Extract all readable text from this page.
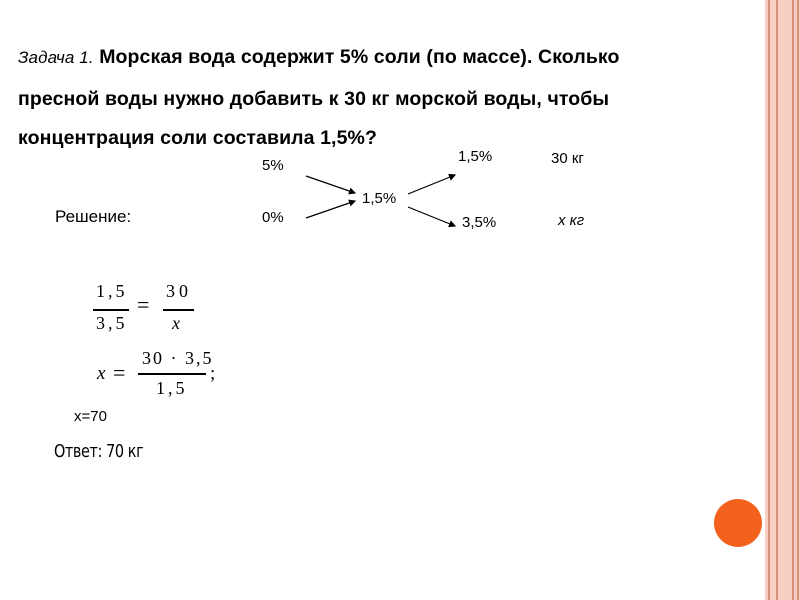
Задача 1. Морская вода содержит 5% соли (по массе). Сколько
пресной воды нужно добавить к 30 кг морской воды, чтобы
концентрация соли составила 1,5%?
5%
0%
1,5%
1,5%
3,5%
30 кг
х кг
Решение:
1,5
3,5
=
30
x
x =
30 · 3,5
1,5
;
x=70
Ответ: 70 кг
